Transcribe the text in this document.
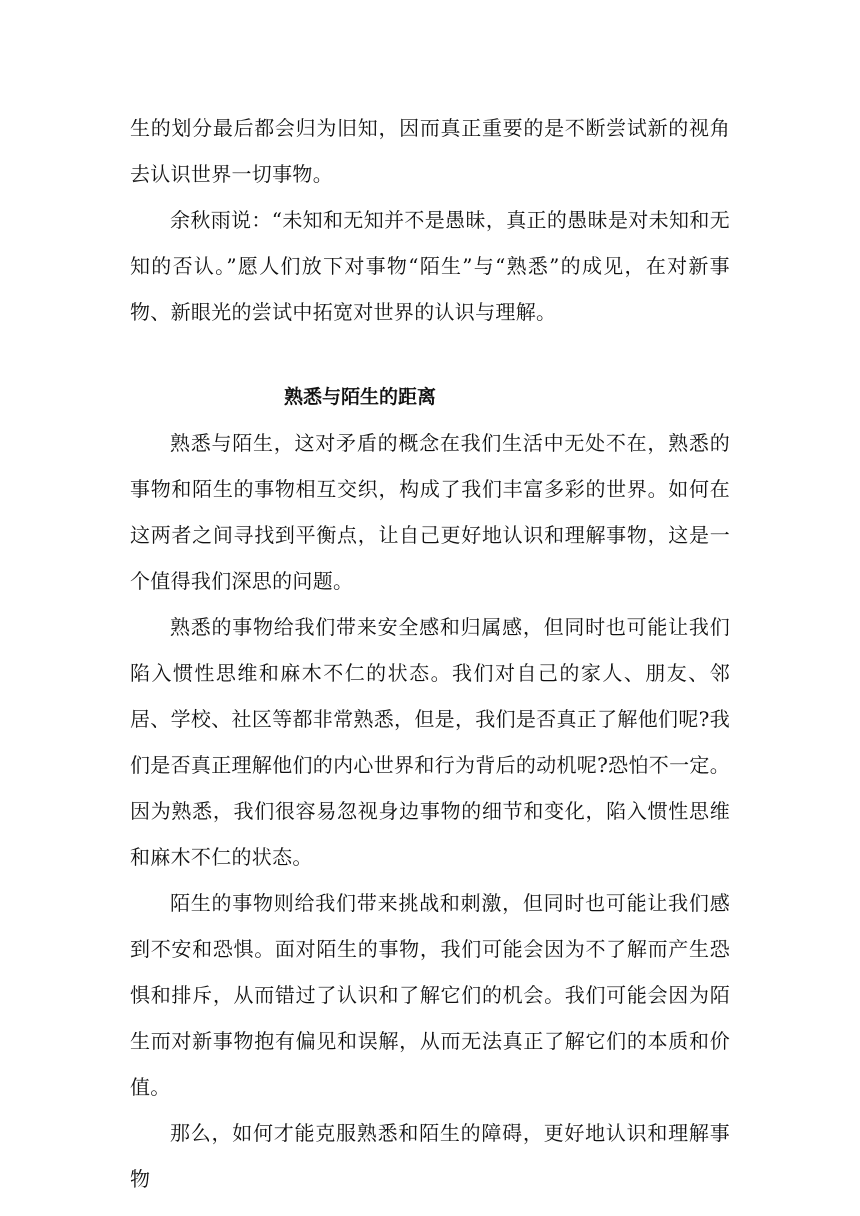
生的划分最后都会归为旧知，因而真正重要的是不断尝试新的视角去认识世界一切事物。

余秋雨说：“未知和无知并不是愚昧，真正的愚昧是对未知和无知的否认。”愿人们放下对事物“陌生”与“熟悉”的成见，在对新事物、新眼光的尝试中拓宽对世界的认识与理解。

熟悉与陌生的距离

熟悉与陌生，这对矛盾的概念在我们生活中无处不在，熟悉的事物和陌生的事物相互交织，构成了我们丰富多彩的世界。如何在这两者之间寻找到平衡点，让自己更好地认识和理解事物，这是一个值得我们深思的问题。

熟悉的事物给我们带来安全感和归属感，但同时也可能让我们陷入惯性思维和麻木不仁的状态。我们对自己的家人、朋友、邻居、学校、社区等都非常熟悉，但是，我们是否真正了解他们呢?我们是否真正理解他们的内心世界和行为背后的动机呢?恐怕不一定。因为熟悉，我们很容易忽视身边事物的细节和变化，陷入惯性思维和麻木不仁的状态。

陌生的事物则给我们带来挑战和刺激，但同时也可能让我们感到不安和恐惧。面对陌生的事物，我们可能会因为不了解而产生恐惧和排斥，从而错过了认识和了解它们的机会。我们可能会因为陌生而对新事物抱有偏见和误解，从而无法真正了解它们的本质和价值。

那么，如何才能克服熟悉和陌生的障碍，更好地认识和理解事物
